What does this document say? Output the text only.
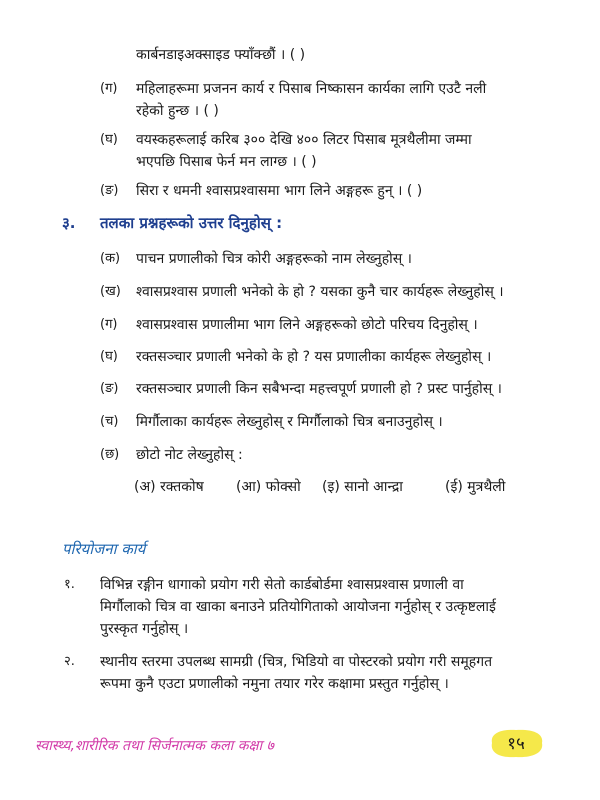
कार्बनडाइअक्साइड फ्याँक्छौं । ( )
(ग) महिलाहरूमा प्रजनन कार्य र पिसाब निष्कासन कार्यका लागि एउटै नली
रहेको हुन्छ । ( )
(घ) वयस्कहरूलाई करिब ३०० देखि ४०० लिटर पिसाब मूत्रथैलीमा जम्मा
भएपछि पिसाब फेर्न मन लाग्छ । ( )
(ङ) सिरा र धमनी श्वासप्रश्वासमा भाग लिने अङ्गहरू हुन् । ( )
३. तलका प्रश्नहरूको उत्तर दिनुहोस् :
(क) पाचन प्रणालीको चित्र कोरी अङ्गहरूको नाम लेख्नुहोस् ।
(ख) श्वासप्रश्वास प्रणाली भनेको के हो ? यसका कुनै चार कार्यहरू लेख्नुहोस् ।
(ग) श्वासप्रश्वास प्रणालीमा भाग लिने अङ्गहरूको छोटो परिचय दिनुहोस् ।
(घ) रक्तसञ्चार प्रणाली भनेको के हो ? यस प्रणालीका कार्यहरू लेख्नुहोस् ।
(ङ) रक्तसञ्चार प्रणाली किन सबैभन्दा महत्त्वपूर्ण प्रणाली हो ? प्रस्ट पार्नुहोस् ।
(च) मिर्गौलाका कार्यहरू लेख्नुहोस् र मिर्गौलाको चित्र बनाउनुहोस् ।
(छ) छोटो नोट लेख्नुहोस् :
(अ) रक्तकोष (आ) फोक्सो (इ) सानो आन्द्रा	(ई) मुत्रथैली
परियोजना कार्य
१. विभिन्न रङ्गीन धागाको प्रयोग गरी सेतो कार्डबोर्डमा श्वासप्रश्वास प्रणाली वा
मिर्गौलाको चित्र वा खाका बनाउने प्रतियोगिताको आयोजना गर्नुहोस् र उत्कृष्टलाई
पुरस्कृत गर्नुहोस् ।
२. स्थानीय स्तरमा उपलब्ध सामग्री (चित्र, भिडियो वा पोस्टरको प्रयोग गरी समूहगत
रूपमा कुनै एउटा प्रणालीको नमुना तयार गरेर कक्षामा प्रस्तुत गर्नुहोस् ।
स्वास्थ्य,शारीरिक तथा सिर्जनात्मक कला कक्षा ७	१५
